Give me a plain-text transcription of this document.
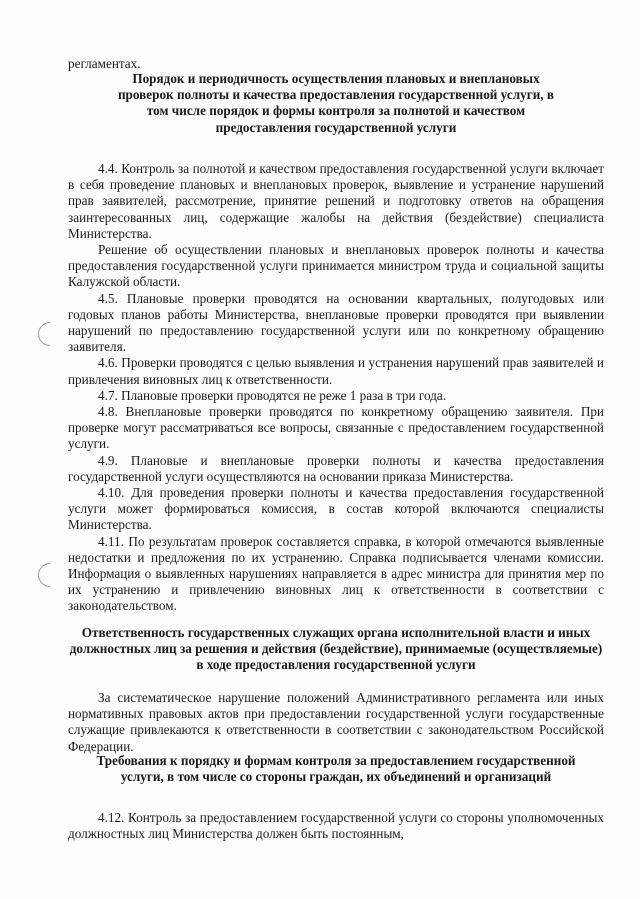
регламентах.
Порядок и периодичность осуществления плановых и внеплановых проверок полноты и качества предоставления государственной услуги, в том числе порядок и формы контроля за полнотой и качеством предоставления государственной услуги

4.4. Контроль за полнотой и качеством предоставления государственной услуги включает в себя проведение плановых и внеплановых проверок, выявление и устранение нарушений прав заявителей, рассмотрение, принятие решений и подготовку ответов на обращения заинтересованных лиц, содержащие жалобы на действия (бездействие) специалиста Министерства.

Решение об осуществлении плановых и внеплановых проверок полноты и качества предоставления государственной услуги принимается министром труда и социальной защиты Калужской области.

4.5. Плановые проверки проводятся на основании квартальных, полугодовых или годовых планов работы Министерства, внеплановые проверки проводятся при выявлении нарушений по предоставлению государственной услуги или по конкретному обращению заявителя.

4.6. Проверки проводятся с целью выявления и устранения нарушений прав заявителей и привлечения виновных лиц к ответственности.

4.7. Плановые проверки проводятся не реже 1 раза в три года.

4.8. Внеплановые проверки проводятся по конкретному обращению заявителя. При проверке могут рассматриваться все вопросы, связанные с предоставлением государственной услуги.

4.9. Плановые и внеплановые проверки полноты и качества предоставления государственной услуги осуществляются на основании приказа Министерства.

4.10. Для проведения проверки полноты и качества предоставления государственной услуги может формироваться комиссия, в состав которой включаются специалисты Министерства.

4.11. По результатам проверок составляется справка, в которой отмечаются выявленные недостатки и предложения по их устранению. Справка подписывается членами комиссии. Информация о выявленных нарушениях направляется в адрес министра для принятия мер по их устранению и привлечению виновных лиц к ответственности в соответствии с законодательством.

Ответственность государственных служащих органа исполнительной власти и иных должностных лиц за решения и действия (бездействие), принимаемые (осуществляемые) в ходе предоставления государственной услуги

За систематическое нарушение положений Административного регламента или иных нормативных правовых актов при предоставлении государственной услуги государственные служащие привлекаются к ответственности в соответствии с законодательством Российской Федерации.

Требования к порядку и формам контроля за предоставлением государственной услуги, в том числе со стороны граждан, их объединений и организаций

4.12. Контроль за предоставлением государственной услуги со стороны уполномоченных должностных лиц Министерства должен быть постоянным,
